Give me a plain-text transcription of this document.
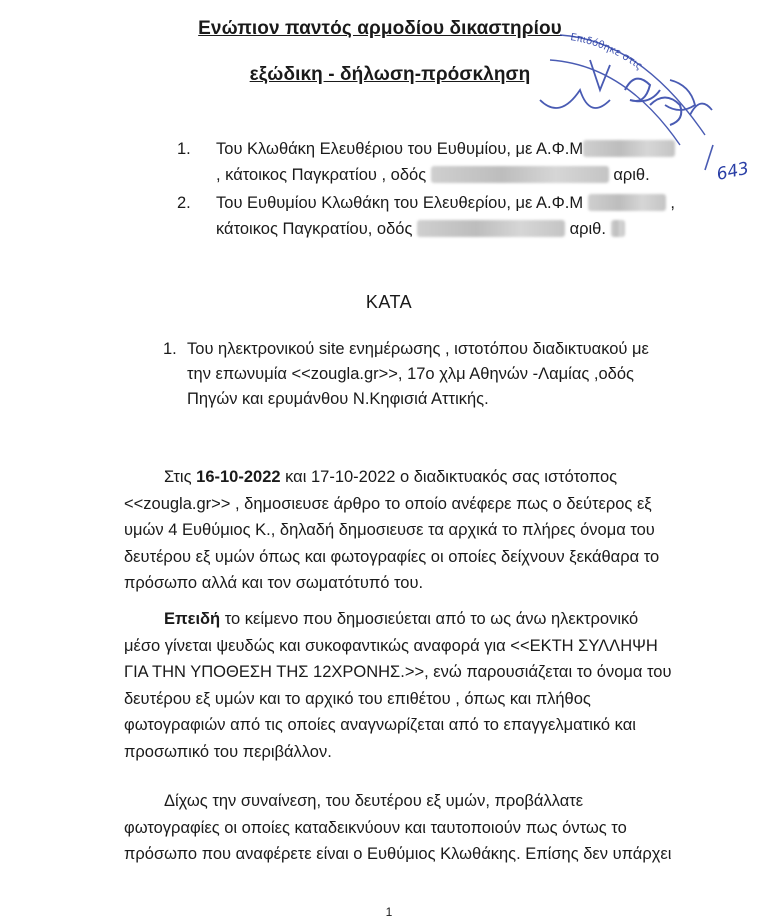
Ενώπιον παντός αρμοδίου δικαστηρίου
εξώδικη - δήλωση-πρόσκληση
1. Του Κλωθάκη Ελευθέριου του Ευθυμίου, με Α.Φ.Μ
, κάτοικος Παγκρατίου , οδός	αριθ.
2. Του Ευθυμίου Κλωθάκη του Ελευθερίου, με Α.Φ.Μ	,
κάτοικος Παγκρατίου, οδός	αριθ.
ΚΑΤΑ
1. Του ηλεκτρονικού site ενημέρωσης , ιστοτόπου διαδικτυακού με
την επωνυμία <<zougla.gr>>, 17ο χλμ Αθηνών -Λαμίας ,οδός
Πηγών και ερυμάνθου Ν.Κηφισιά Αττικής.
Στις 16-10-2022 και 17-10-2022 ο διαδικτυακός σας ιστότοπος
<<zougla.gr>> , δημοσιευσε άρθρο το οποίο ανέφερε πως ο δεύτερος εξ
υμών 4 Ευθύμιος Κ., δηλαδή δημοσιευσε τα αρχικά το πλήρες όνομα του
δευτέρου εξ υμών όπως και φωτογραφίες οι οποίες δείχνουν ξεκάθαρα το
πρόσωπο αλλά και τον σωματότυπό του.
Επειδή το κείμενο που δημοσιεύεται από το ως άνω ηλεκτρονικό
μέσο γίνεται ψευδώς και συκοφαντικώς αναφορά για <<ΕΚΤΗ ΣΥΛΛΗΨΗ
ΓΙΑ ΤΗΝ ΥΠΟΘΕΣΗ ΤΗΣ 12ΧΡΟΝΗΣ.>>, ενώ παρουσιάζεται το όνομα του
δευτέρου εξ υμών και το αρχικό του επιθέτου , όπως και πλήθος
φωτογραφιών από τις οποίες αναγνωρίζεται από το επαγγελματικό και
προσωπικό του περιβάλλον.
Δίχως την συναίνεση, του δευτέρου εξ υμών, προβάλλατε
φωτογραφίες οι οποίες καταδεικνύουν και ταυτοποιούν πως όντως το
πρόσωπο που αναφέρετε είναι ο Ευθύμιος Κλωθάκης. Επίσης δεν υπάρχει
1
Επιδόθηκε στις
643
